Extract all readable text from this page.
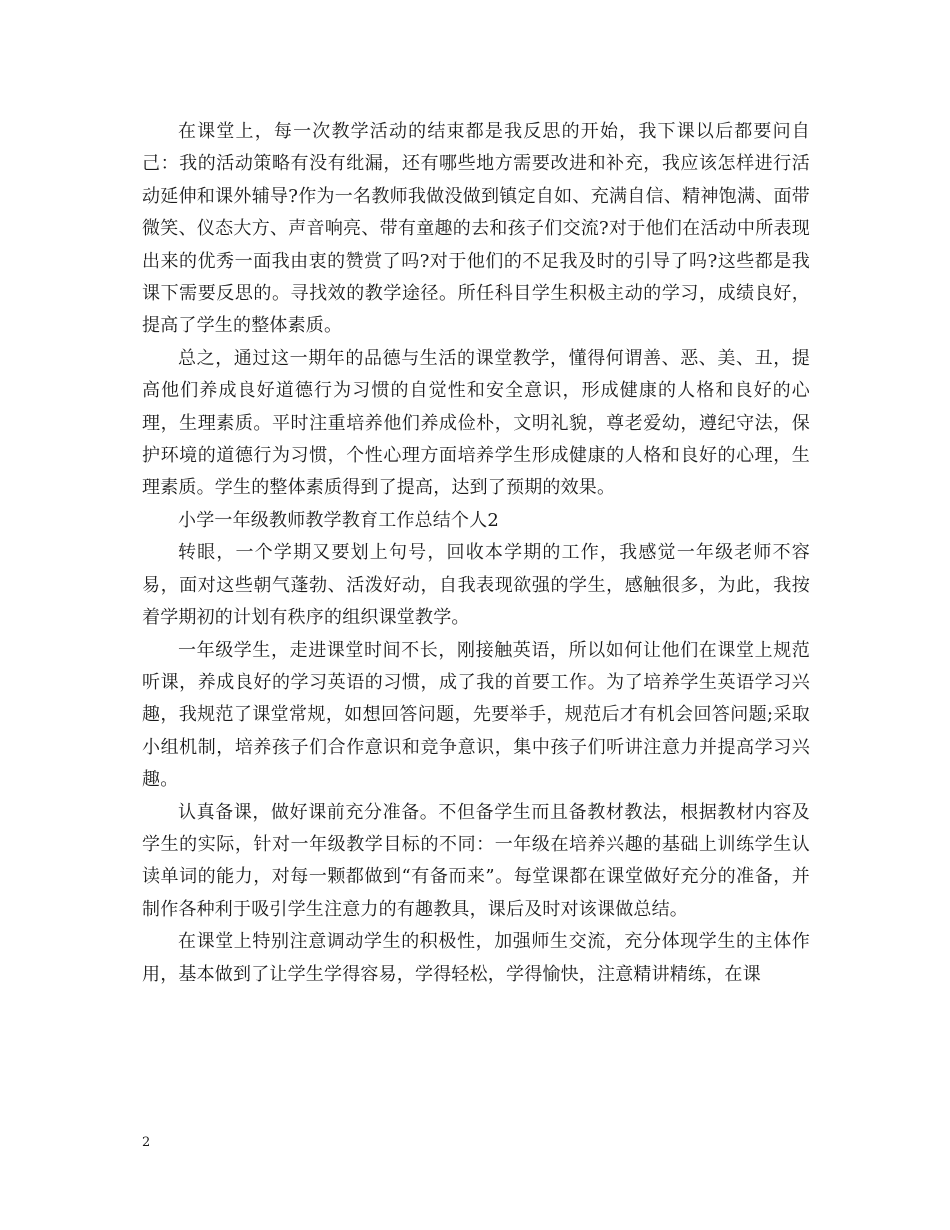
在课堂上，每一次教学活动的结束都是我反思的开始，我下课以后都要问自己：我的活动策略有没有纰漏，还有哪些地方需要改进和补充，我应该怎样进行活动延伸和课外辅导?作为一名教师我做没做到镇定自如、充满自信、精神饱满、面带微笑、仪态大方、声音响亮、带有童趣的去和孩子们交流?对于他们在活动中所表现出来的优秀一面我由衷的赞赏了吗?对于他们的不足我及时的引导了吗?这些都是我课下需要反思的。寻找效的教学途径。所任科目学生积极主动的学习，成绩良好，提高了学生的整体素质。

总之，通过这一期年的品德与生活的课堂教学，懂得何谓善、恶、美、丑，提高他们养成良好道德行为习惯的自觉性和安全意识，形成健康的人格和良好的心理，生理素质。平时注重培养他们养成俭朴，文明礼貌，尊老爱幼，遵纪守法，保护环境的道德行为习惯，个性心理方面培养学生形成健康的人格和良好的心理，生理素质。学生的整体素质得到了提高，达到了预期的效果。

小学一年级教师教学教育工作总结个人2

转眼，一个学期又要划上句号，回收本学期的工作，我感觉一年级老师不容易，面对这些朝气蓬勃、活泼好动，自我表现欲强的学生，感触很多，为此，我按着学期初的计划有秩序的组织课堂教学。

一年级学生，走进课堂时间不长，刚接触英语，所以如何让他们在课堂上规范听课，养成良好的学习英语的习惯，成了我的首要工作。为了培养学生英语学习兴趣，我规范了课堂常规，如想回答问题，先要举手，规范后才有机会回答问题;采取小组机制，培养孩子们合作意识和竞争意识，集中孩子们听讲注意力并提高学习兴趣。

认真备课，做好课前充分准备。不但备学生而且备教材教法，根据教材内容及学生的实际，针对一年级教学目标的不同：一年级在培养兴趣的基础上训练学生认读单词的能力，对每一颗都做到“有备而来”。每堂课都在课堂做好充分的准备，并制作各种利于吸引学生注意力的有趣教具，课后及时对该课做总结。

在课堂上特别注意调动学生的积极性，加强师生交流，充分体现学生的主体作用，基本做到了让学生学得容易，学得轻松，学得愉快，注意精讲精练，在课

2
